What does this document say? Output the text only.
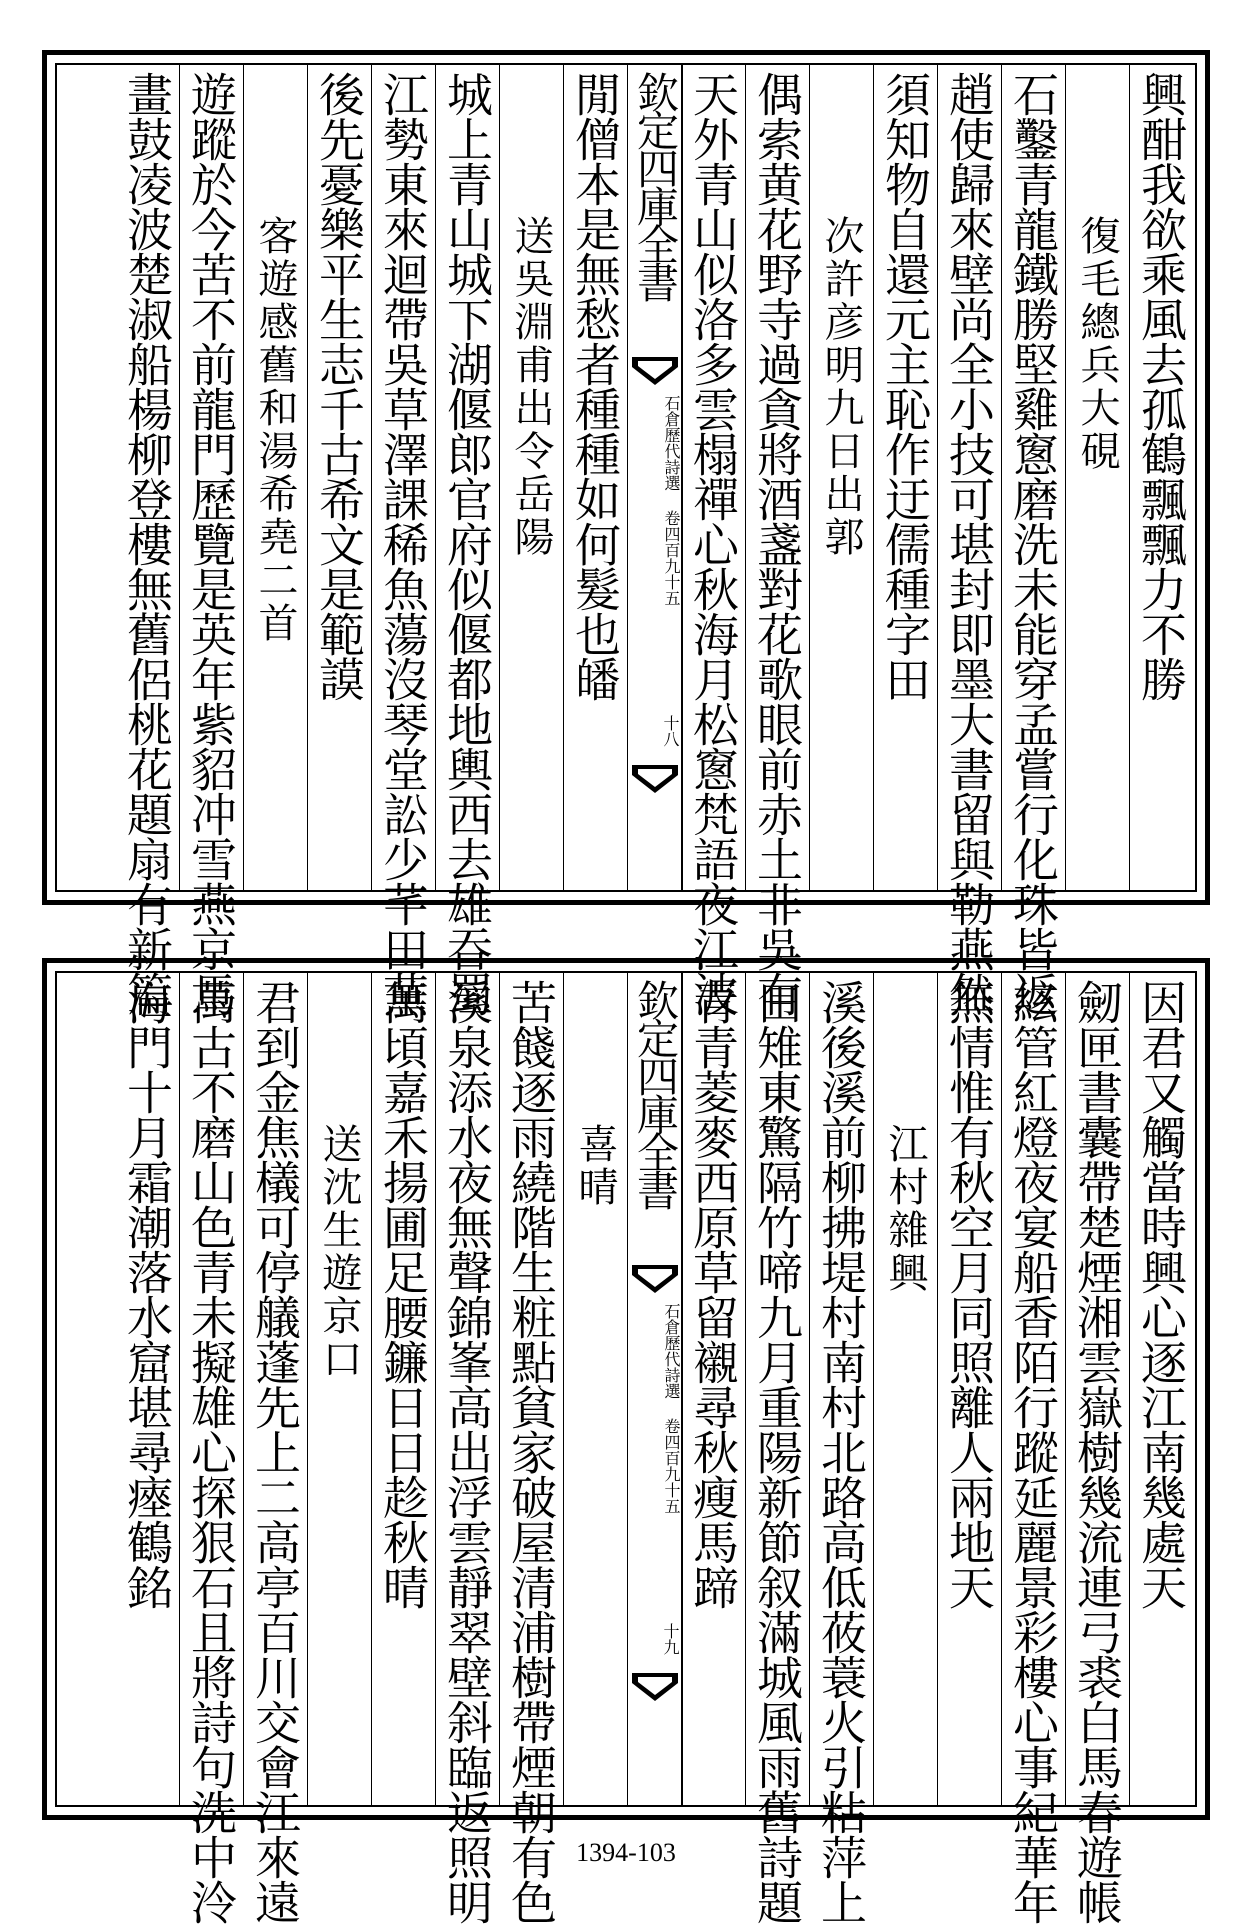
興酣我欲乘風去孤鶴飄飄力不勝
復毛總兵大硯
石鑿青龍鐵勝堅雞窻磨洗未能穿孟嘗行化珠皆返
趙使歸來壁尚全小技可堪封即墨大書留與勒燕然
須知物自還元主恥作迂儒種字田
次許彦明九日出郭
偶索黄花野寺過貪將酒盞對花歌眼前赤土非吳有
天外青山似洛多雲榻禪心秋海月松窻梵語夜江波
欽定四庫全書
石倉歷代詩選 卷四百九十五
十八
閒僧本是無愁者種種如何髮也皤
送吳淵甫出令岳陽
城上青山城下湖偃郎官府似偃都地輿西去雄吞蜀
江勢東來迴帶吳草澤課稀魚蕩沒琴堂訟少芊田蕪
後先憂樂平生志千古希文是範謨
客遊感舊和湯希堯二首
遊蹤於今苦不前龍門歷覽是英年紫貂冲雪燕京馬
畫鼓凌波楚淑船楊柳登樓無舊侶桃花題扇有新篇
因君又觸當時興心逐江南幾處天
劒匣書囊帶楚煙湘雲嶽樹幾流連弓裘白馬春遊帳
絃管紅燈夜宴船香陌行蹤延麗景彩樓心事紀華年
無情惟有秋空月同照離人兩地天
江村雜興
溪後溪前柳拂堤村南村北路高低莜蓑火引粘萍上
田雉東驚隔竹啼九月重陽新節叙滿城風雨舊詩題
青青菱麥西原草留襯尋秋瘦馬蹄
欽定四庫全書
石倉歷代詩選 卷四百九十五
十九
喜晴
苦餞逐雨繞階生粧點貧家破屋清浦樹帶煙朝有色
溪泉添水夜無聲錦峯高出浮雲靜翠壁斜臨返照明
萬頃嘉禾揚圃足腰鐮日日趁秋晴
送沈生遊京口
君到金焦檥可停艤蓬先上二高亭百川交會江來遠
萬古不磨山色青未擬雄心探狠石且將詩句洗中泠
海門十月霜潮落水窟堪尋瘞鶴銘
1394-103
